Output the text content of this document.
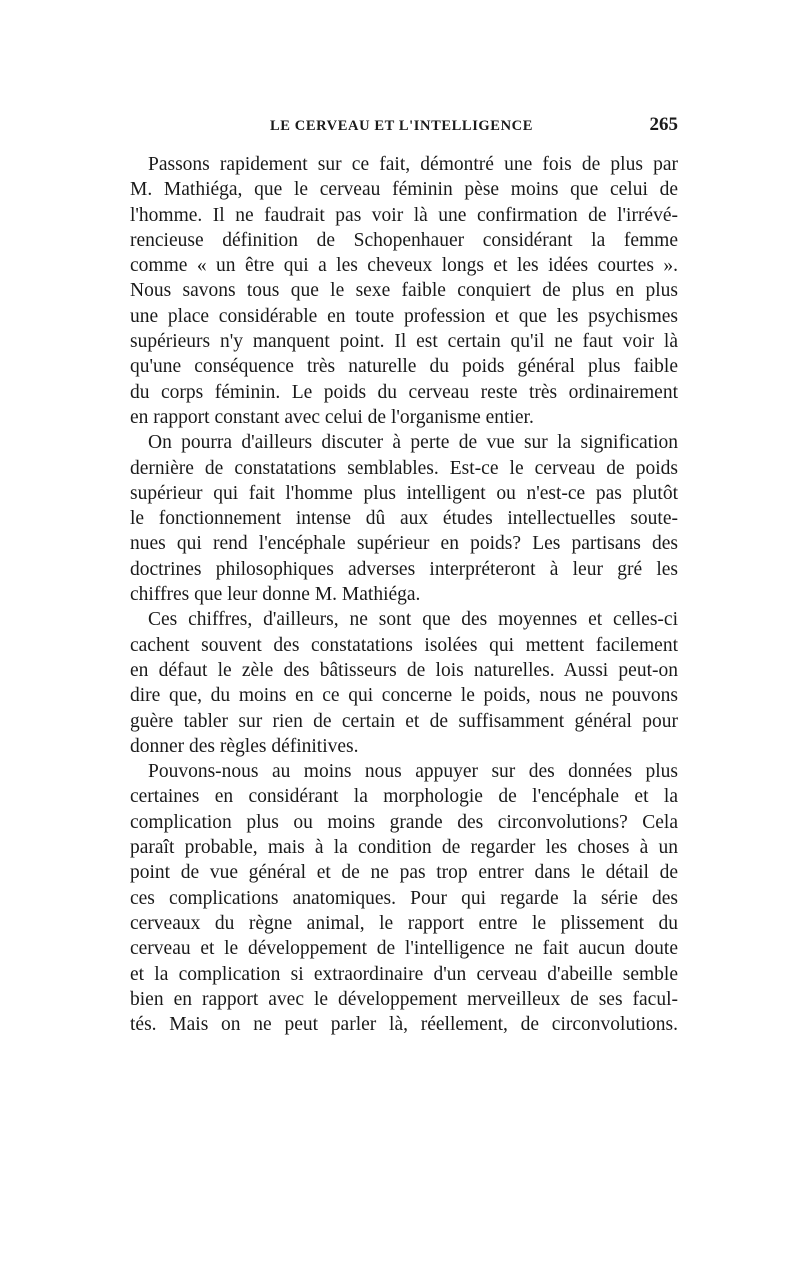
LE CERVEAU ET L'INTELLIGENCE	265
Passons rapidement sur ce fait, démontré une fois de plus par
M. Mathiéga, que le cerveau féminin pèse moins que celui de
l'homme. Il ne faudrait pas voir là une confirmation de l'irrévé-
rencieuse définition de Schopenhauer considérant la femme
comme « un être qui a les cheveux longs et les idées courtes ».
Nous savons tous que le sexe faible conquiert de plus en plus
une place considérable en toute profession et que les psychismes
supérieurs n'y manquent point. Il est certain qu'il ne faut voir là
qu'une conséquence très naturelle du poids général plus faible
du corps féminin. Le poids du cerveau reste très ordinairement
en rapport constant avec celui de l'organisme entier.
On pourra d'ailleurs discuter à perte de vue sur la signification
dernière de constatations semblables. Est-ce le cerveau de poids
supérieur qui fait l'homme plus intelligent ou n'est-ce pas plutôt
le fonctionnement intense dû aux études intellectuelles soute-
nues qui rend l'encéphale supérieur en poids? Les partisans des
doctrines philosophiques adverses interpréteront à leur gré les
chiffres que leur donne M. Mathiéga.
Ces chiffres, d'ailleurs, ne sont que des moyennes et celles-ci
cachent souvent des constatations isolées qui mettent facilement
en défaut le zèle des bâtisseurs de lois naturelles. Aussi peut-on
dire que, du moins en ce qui concerne le poids, nous ne pouvons
guère tabler sur rien de certain et de suffisamment général pour
donner des règles définitives.
Pouvons-nous au moins nous appuyer sur des données plus
certaines en considérant la morphologie de l'encéphale et la
complication plus ou moins grande des circonvolutions? Cela
paraît probable, mais à la condition de regarder les choses à un
point de vue général et de ne pas trop entrer dans le détail de
ces complications anatomiques. Pour qui regarde la série des
cerveaux du règne animal, le rapport entre le plissement du
cerveau et le développement de l'intelligence ne fait aucun doute
et la complication si extraordinaire d'un cerveau d'abeille semble
bien en rapport avec le développement merveilleux de ses facul-
tés. Mais on ne peut parler là, réellement, de circonvolutions.
